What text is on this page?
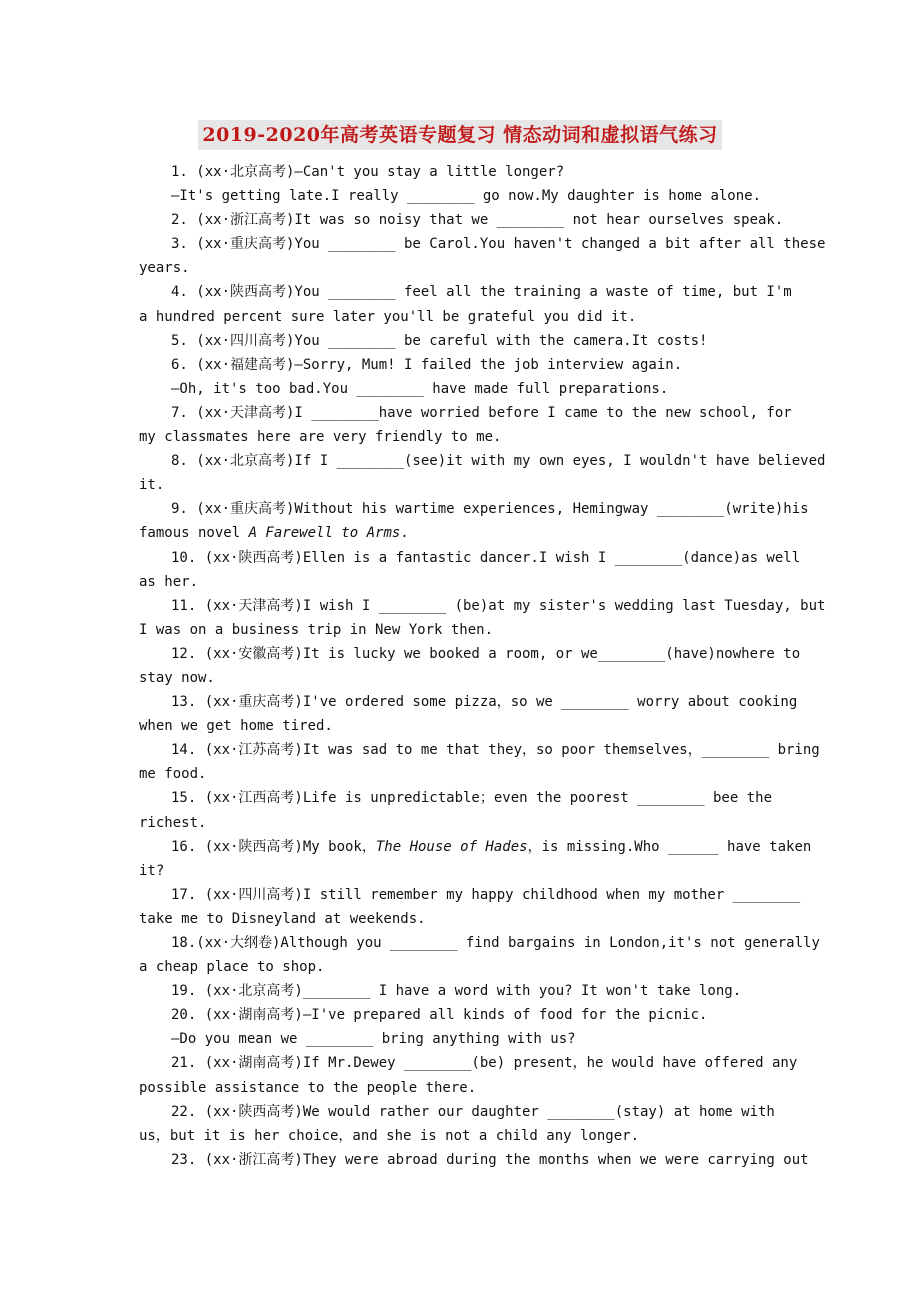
2019-2020年高考英语专题复习 情态动词和虚拟语气练习

1. (xx·北京高考)—Can't you stay a little longer?

—It's getting late.I really ________ go now.My daughter is home alone.

2. (xx·浙江高考)It was so noisy that we ________ not hear ourselves speak.

3. (xx·重庆高考)You ________ be Carol.You haven't changed a bit after all these

years.

4. (xx·陕西高考)You ________ feel all the training a waste of time, but I'm

a hundred percent sure later you'll be grateful you did it.

5. (xx·四川高考)You ________ be careful with the camera.It costs!

6. (xx·福建高考)—Sorry, Mum! I failed the job interview again.

—Oh, it's too bad.You ________ have made full preparations.

7. (xx·天津高考)I ________have worried before I came to the new school, for

my classmates here are very friendly to me.

8. (xx·北京高考)If I ________(see)it with my own eyes, I wouldn't have believed

it.

9. (xx·重庆高考)Without his wartime experiences, Hemingway ________(write)his

famous novel A Farewell to Arms.

10. (xx·陕西高考)Ellen is a fantastic dancer.I wish I ________(dance)as well

as her.

11. (xx·天津高考)I wish I ________ (be)at my sister's wedding last Tuesday, but

I was on a business trip in New York then.

12. (xx·安徽高考)It is lucky we booked a room, or we________(have)nowhere to

stay now.

13. (xx·重庆高考)I've ordered some pizza，so we ________ worry about cooking

when we get home tired.

14. (xx·江苏高考)It was sad to me that they，so poor themselves，________ bring

me food.

15. (xx·江西高考)Life is unpredictable；even the poorest ________ bee the

richest.

16. (xx·陕西高考)My book，The House of Hades，is missing.Who ______ have taken

it?

17. (xx·四川高考)I still remember my happy childhood when my mother ________

take me to Disneyland at weekends.

18.(xx·大纲卷)Although you ________ find bargains in London,it's not generally

a cheap place to shop.

19. (xx·北京高考)________ I have a word with you? It won't take long.

20. (xx·湖南高考)—I've prepared all kinds of food for the picnic.

—Do you mean we ________ bring anything with us?

21. (xx·湖南高考)If Mr.Dewey ________(be) present，he would have offered any

possible assistance to the people there.

22. (xx·陕西高考)We would rather our daughter ________(stay) at home with

us，but it is her choice，and she is not a child any longer.

23. (xx·浙江高考)They were abroad during the months when we were carrying out
